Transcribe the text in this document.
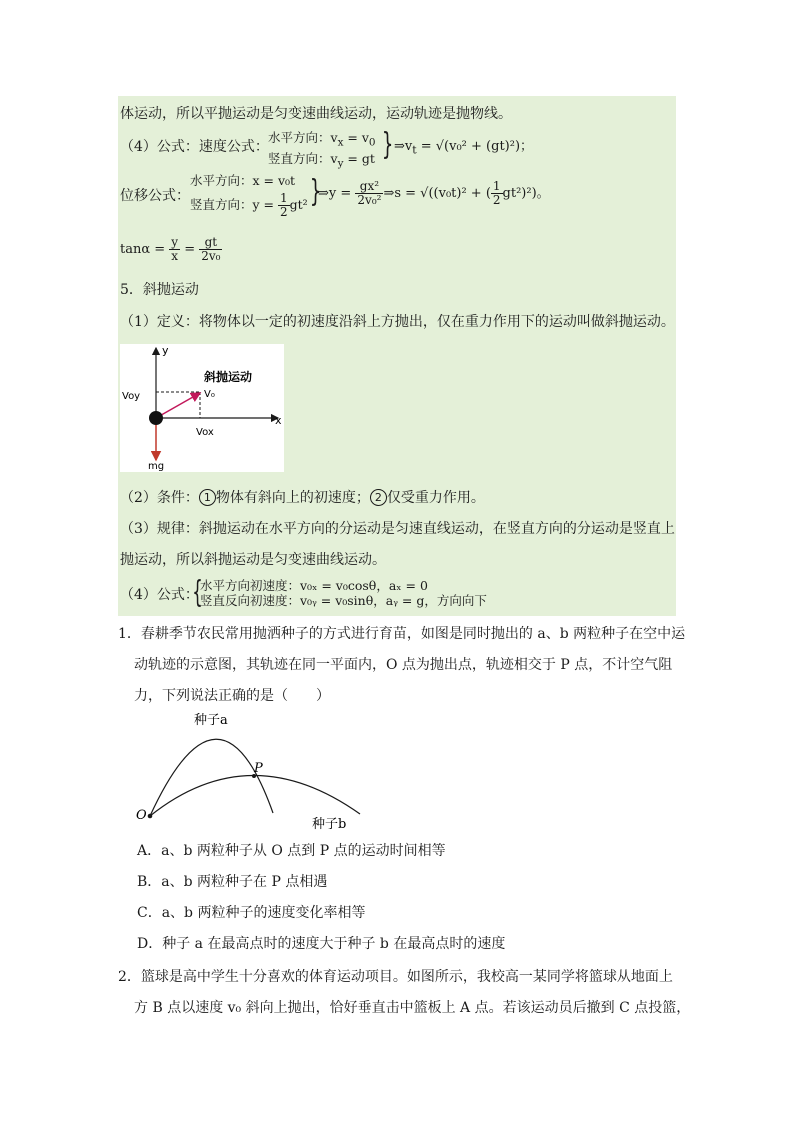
体运动，所以平抛运动是匀变速曲线运动，运动轨迹是抛物线。
（4）公式：速度公式：
水平方向：$v_x = v_0$
竖直方向：$v_y$ = gt } $\Rightarrow v_t = √(v_0^2 + (gt)^2)$；
位移公式：
水平方向：x = v₀t
竖直方向：$y = \frac{1}{2} gt^2$ }
⇒y = $\frac{\text{gx²}}{\text{2v₀²}}$ ⇒s = √((v₀t)² + ( $\frac{1}{2} gt^2)^2$)。
$\tan\alpha = \frac{y}{x} = \frac{gt}{\text{2v₀}}$
5．斜抛运动
（1）定义：将物体以一定的初速度沿斜上方抛出，仅在重力作用下的运动叫做斜抛运动。
斜抛运动
y
x
Voy
Vox
V₀
mg
（2）条件： 1 物体有斜向上的初速度； 2 仅受重力作用。
（3）规律：斜抛运动在水平方向的分运动是匀速直线运动，在竖直方向的分运动是竖直上
抛运动，所以斜抛运动是匀变速曲线运动。
（4）公式：
{
水平方向初速度：v₀ₓ = v₀cosθ，aₓ = 0
竖直反向初速度：v₀ᵧ = v₀sinθ，aᵧ = g，方向向下
1．春耕季节农民常用抛洒种子的方式进行育苗，如图是同时抛出的 a、b 两粒种子在空中运
动轨迹的示意图，其轨迹在同一平面内，O 点为抛出点，轨迹相交于 P 点，不计空气阻
力，下列说法正确的是（　　）
种子a
种子b
O
P
A．a、b 两粒种子从 O 点到 P 点的运动时间相等
B．a、b 两粒种子在 P 点相遇
C．a、b 两粒种子的速度变化率相等
D．种子 a 在最高点时的速度大于种子 b 在最高点时的速度
2．篮球是高中学生十分喜欢的体育运动项目。如图所示，我校高一某同学将篮球从地面上
方 B 点以速度 v₀ 斜向上抛出，恰好垂直击中篮板上 A 点。若该运动员后撤到 C 点投篮，
